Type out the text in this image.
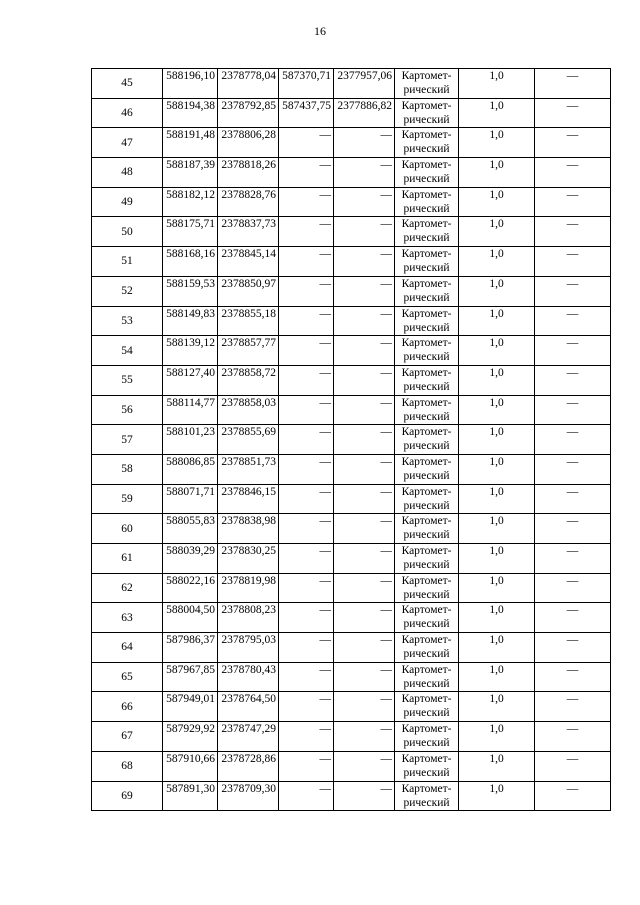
16
45	588196,10	2378778,04	587370,71	2377957,06	Картомет-
рический	1,0	—
46	588194,38	2378792,85	587437,75	2377886,82	Картомет-
рический	1,0	—
47	588191,48	2378806,28	—	—	Картомет-
рический	1,0	—
48	588187,39	2378818,26	—	—	Картомет-
рический	1,0	—
49	588182,12	2378828,76	—	—	Картомет-
рический	1,0	—
50	588175,71	2378837,73	—	—	Картомет-
рический	1,0	—
51	588168,16	2378845,14	—	—	Картомет-
рический	1,0	—
52	588159,53	2378850,97	—	—	Картомет-
рический	1,0	—
53	588149,83	2378855,18	—	—	Картомет-
рический	1,0	—
54	588139,12	2378857,77	—	—	Картомет-
рический	1,0	—
55	588127,40	2378858,72	—	—	Картомет-
рический	1,0	—
56	588114,77	2378858,03	—	—	Картомет-
рический	1,0	—
57	588101,23	2378855,69	—	—	Картомет-
рический	1,0	—
58	588086,85	2378851,73	—	—	Картомет-
рический	1,0	—
59	588071,71	2378846,15	—	—	Картомет-
рический	1,0	—
60	588055,83	2378838,98	—	—	Картомет-
рический	1,0	—
61	588039,29	2378830,25	—	—	Картомет-
рический	1,0	—
62	588022,16	2378819,98	—	—	Картомет-
рический	1,0	—
63	588004,50	2378808,23	—	—	Картомет-
рический	1,0	—
64	587986,37	2378795,03	—	—	Картомет-
рический	1,0	—
65	587967,85	2378780,43	—	—	Картомет-
рический	1,0	—
66	587949,01	2378764,50	—	—	Картомет-
рический	1,0	—
67	587929,92	2378747,29	—	—	Картомет-
рический	1,0	—
68	587910,66	2378728,86	—	—	Картомет-
рический	1,0	—
69	587891,30	2378709,30	—	—	Картомет-
рический	1,0	—
